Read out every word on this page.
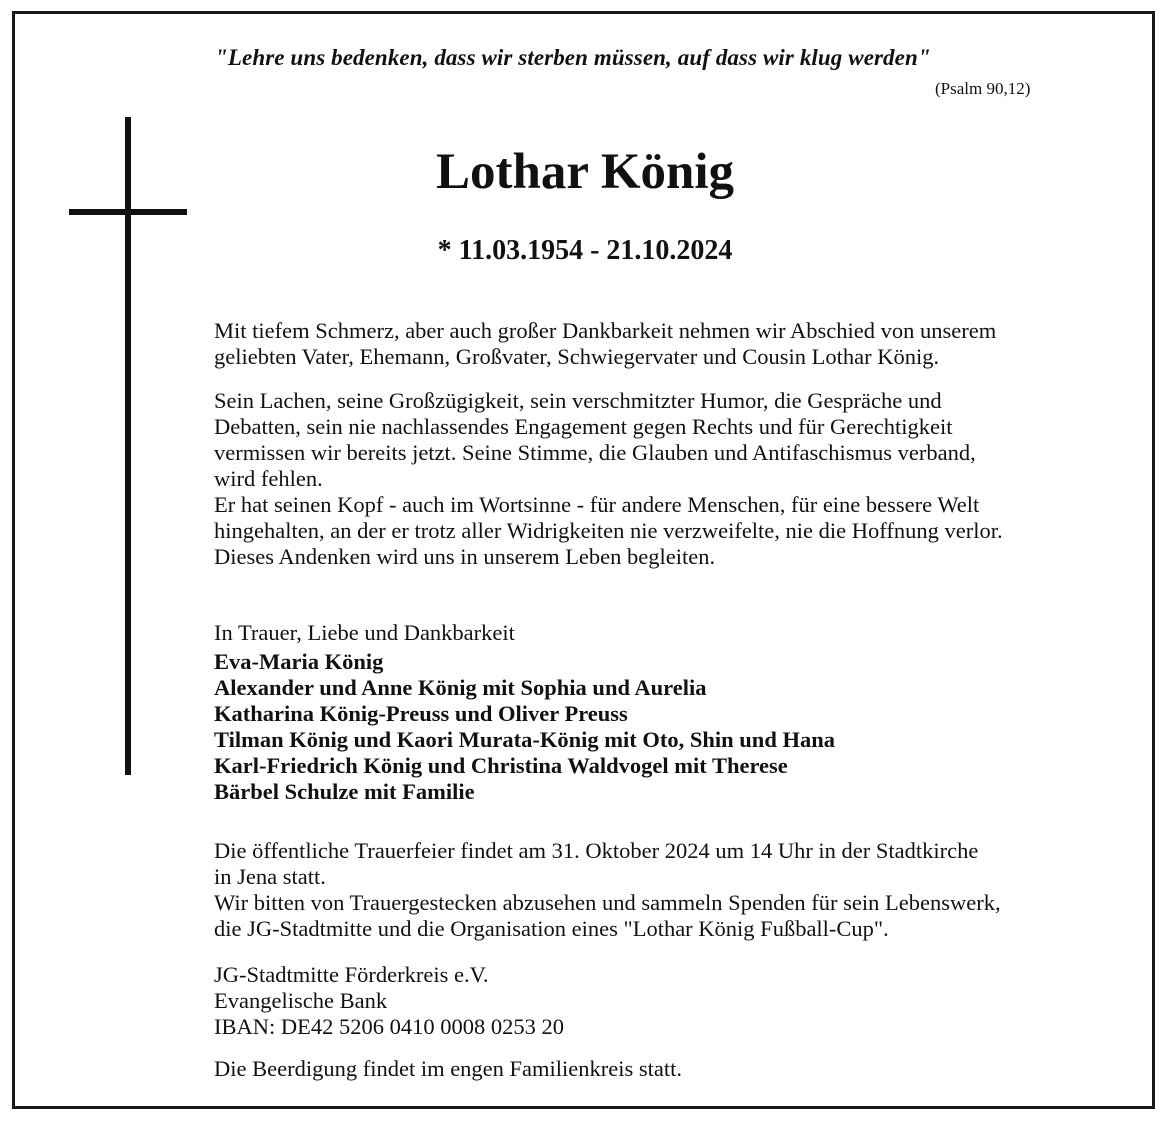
"Lehre uns bedenken, dass wir sterben müssen, auf dass wir klug werden"
(Psalm 90,12)
Lothar König
* 11.03.1954 - 21.10.2024
Mit tiefem Schmerz, aber auch großer Dankbarkeit nehmen wir Abschied von unserem
geliebten Vater, Ehemann, Großvater, Schwiegervater und Cousin Lothar König.
Sein Lachen, seine Großzügigkeit, sein verschmitzter Humor, die Gespräche und
Debatten, sein nie nachlassendes Engagement gegen Rechts und für Gerechtigkeit
vermissen wir bereits jetzt. Seine Stimme, die Glauben und Antifaschismus verband,
wird fehlen.
Er hat seinen Kopf - auch im Wortsinne - für andere Menschen, für eine bessere Welt
hingehalten, an der er trotz aller Widrigkeiten nie verzweifelte, nie die Hoffnung verlor.
Dieses Andenken wird uns in unserem Leben begleiten.
In Trauer, Liebe und Dankbarkeit
Eva-Maria König
Alexander und Anne König mit Sophia und Aurelia
Katharina König-Preuss und Oliver Preuss
Tilman König und Kaori Murata-König mit Oto, Shin und Hana
Karl-Friedrich König und Christina Waldvogel mit Therese
Bärbel Schulze mit Familie
Die öffentliche Trauerfeier findet am 31. Oktober 2024 um 14 Uhr in der Stadtkirche
in Jena statt.
Wir bitten von Trauergestecken abzusehen und sammeln Spenden für sein Lebenswerk,
die JG-Stadtmitte und die Organisation eines "Lothar König Fußball-Cup".
JG-Stadtmitte Förderkreis e.V.
Evangelische Bank
IBAN: DE42 5206 0410 0008 0253 20
Die Beerdigung findet im engen Familienkreis statt.
